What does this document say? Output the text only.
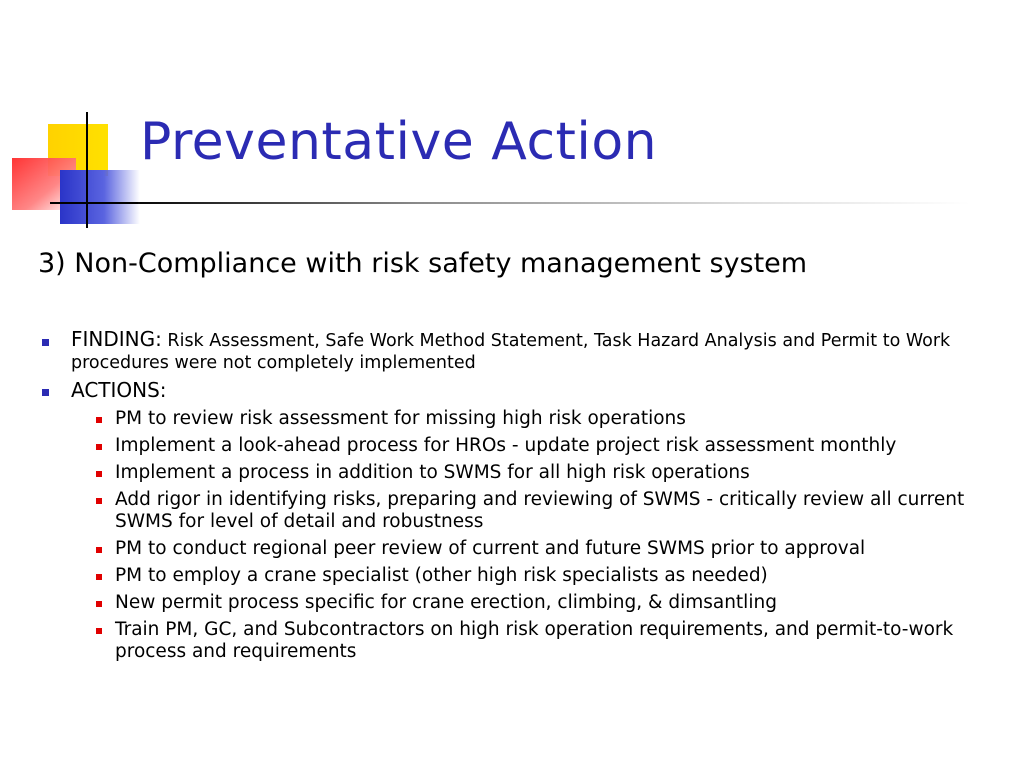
Preventative Action
3) Non-Compliance with risk safety management system
FINDING: Risk Assessment, Safe Work Method Statement, Task Hazard Analysis and Permit to Work procedures were not completely implemented
ACTIONS:
PM to review risk assessment for missing high risk operations
Implement a look-ahead process for HROs - update project risk assessment monthly
Implement a process in addition to SWMS for all high risk operations
Add rigor in identifying risks, preparing and reviewing of SWMS - critically review all current SWMS for level of detail and robustness
PM to conduct regional peer review of current and future SWMS prior to approval
PM to employ a crane specialist (other high risk specialists as needed)
New permit process specific for crane erection, climbing, & dimsantling
Train PM, GC, and Subcontractors on high risk operation requirements, and permit-to-work process and requirements
